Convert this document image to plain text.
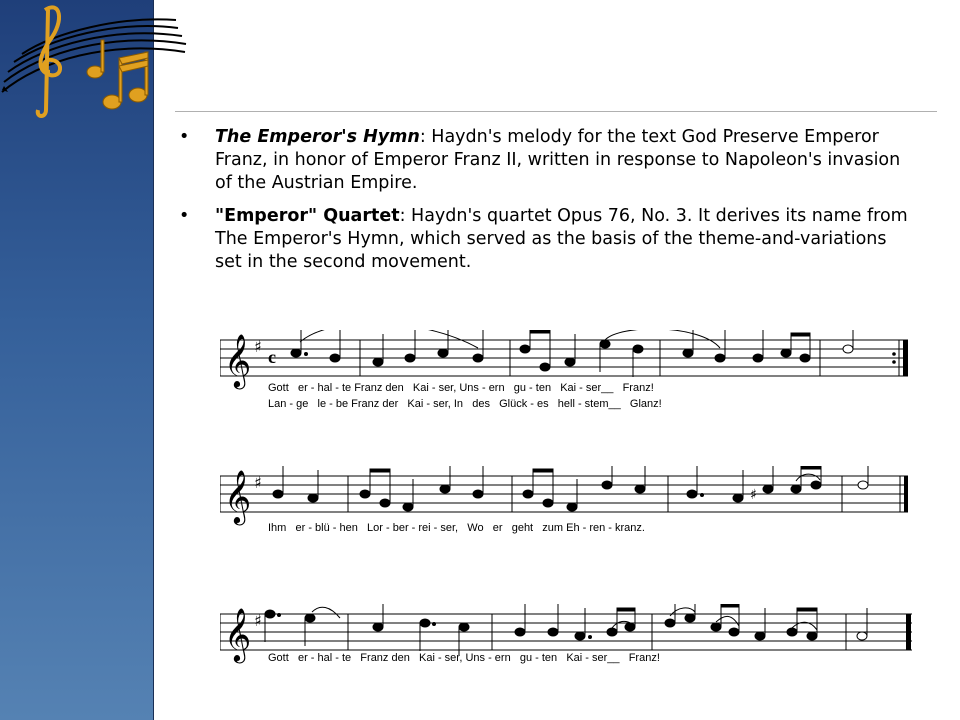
• The Emperor's Hymn: Haydn's melody for the text God Preserve Emperor Franz, in honor of Emperor Franz II, written in response to Napoleon's invasion of the Austrian Empire.
• "Emperor" Quartet: Haydn's quartet Opus 76, No. 3. It derives its name from The Emperor's Hymn, which served as the basis of the theme-and-variations set in the second movement.
𝄞 ♯
c
Gott   er - hal - te Franz den   Kai - ser, Uns - ern   gu - ten   Kai - ser__   Franz!
Lan - ge   le - be Franz der   Kai - ser, In   des   Glück - es   hell - stem__   Glanz!
𝄞 ♯
♯
Ihm   er - blü - hen   Lor - ber - rei - ser,   Wo   er   geht   zum Eh - ren - kranz.
𝄞 ♯
Gott   er - hal - te   Franz den   Kai - ser, Uns - ern   gu - ten   Kai - ser__   Franz!
